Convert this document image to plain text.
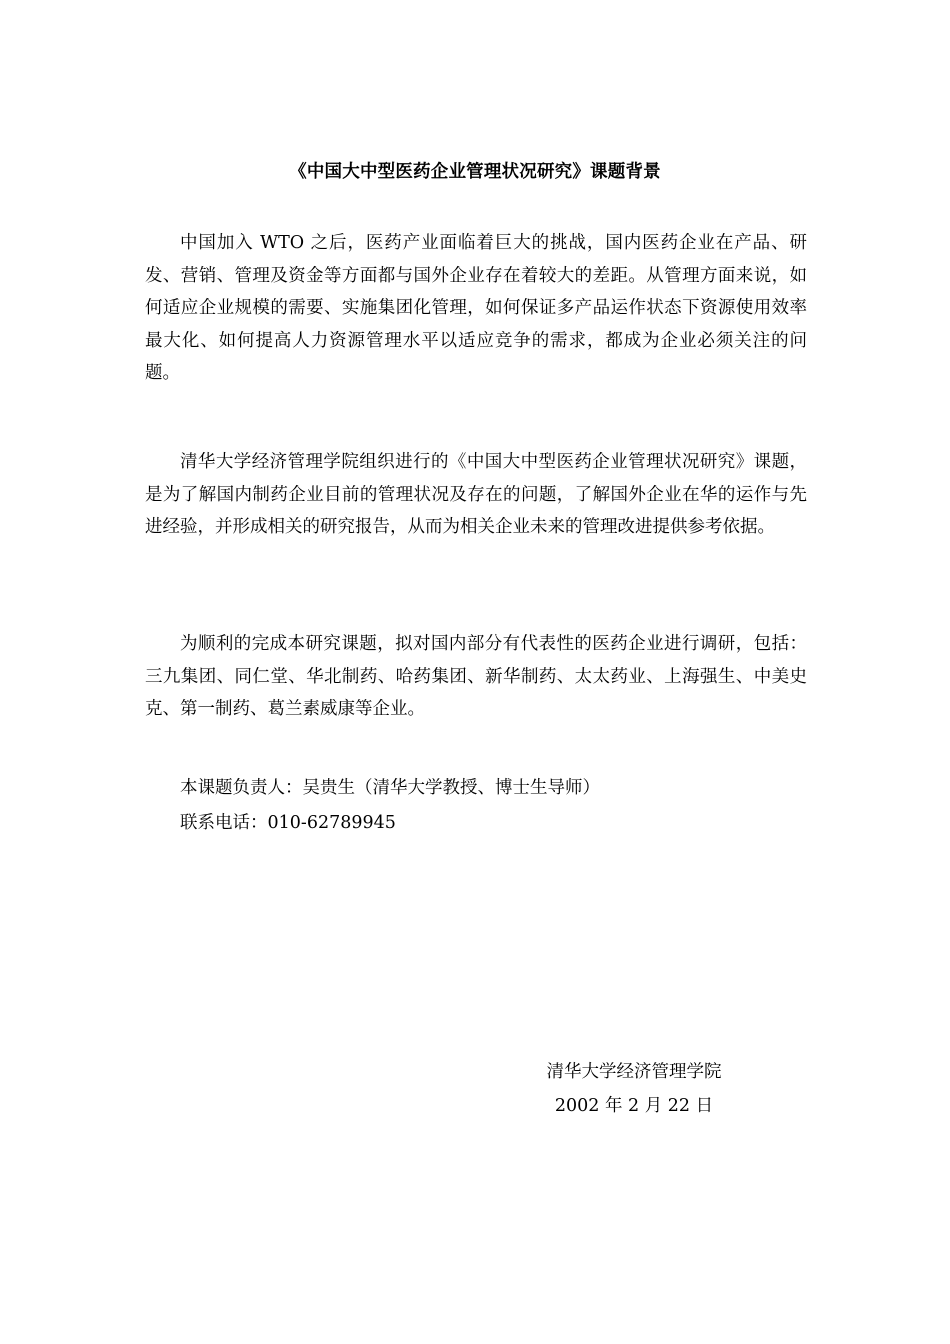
《中国大中型医药企业管理状况研究》课题背景

中国加入 WTO 之后，医药产业面临着巨大的挑战，国内医药企业在产品、研发、营销、管理及资金等方面都与国外企业存在着较大的差距。从管理方面来说，如何适应企业规模的需要、实施集团化管理，如何保证多产品运作状态下资源使用效率最大化、如何提高人力资源管理水平以适应竞争的需求，都成为企业必须关注的问题。

清华大学经济管理学院组织进行的《中国大中型医药企业管理状况研究》课题，是为了解国内制药企业目前的管理状况及存在的问题，了解国外企业在华的运作与先进经验，并形成相关的研究报告，从而为相关企业未来的管理改进提供参考依据。

为顺利的完成本研究课题，拟对国内部分有代表性的医药企业进行调研，包括：三九集团、同仁堂、华北制药、哈药集团、新华制药、太太药业、上海强生、中美史克、第一制药、葛兰素威康等企业。

本课题负责人：吴贵生（清华大学教授、博士生导师）
联系电话：010-62789945
清华大学经济管理学院
2002 年 2 月 22 日
